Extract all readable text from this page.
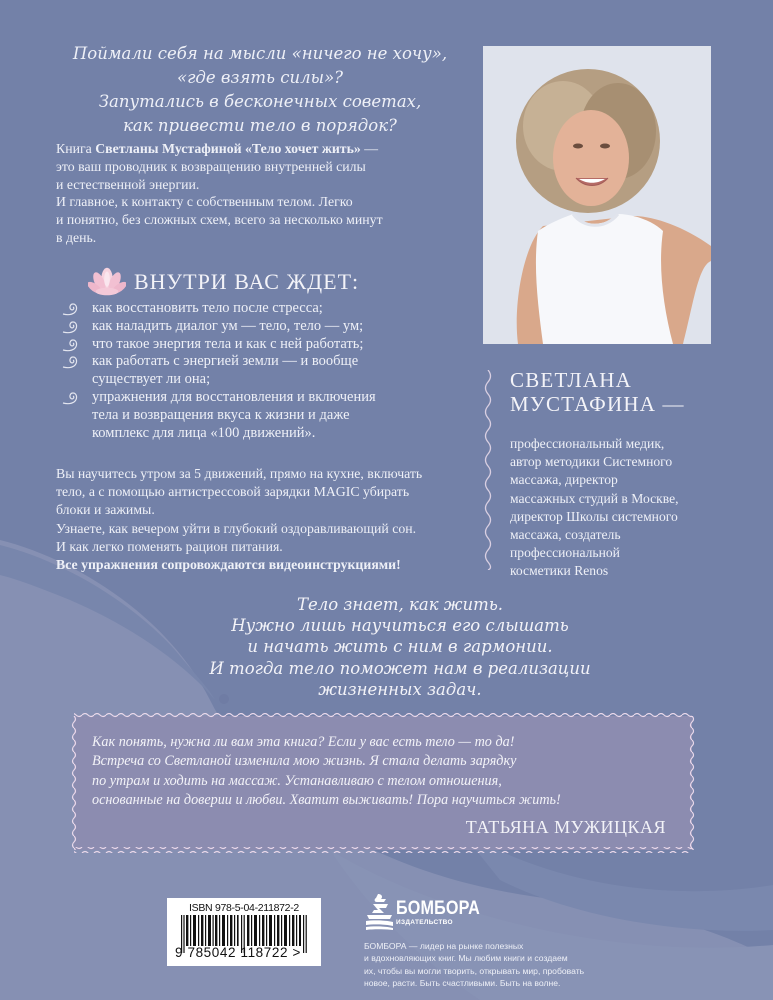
Поймали себя на мысли «ничего не хочу»,
«где взять силы»?
Запутались в бесконечных советах,
как привести тело в порядок?
Книга Светланы Мустафиной «Тело хочет жить» —
это ваш проводник к возвращению внутренней силы
и естественной энергии.
И главное, к контакту с собственным телом. Легко
и понятно, без сложных схем, всего за несколько минут
в день.
ВНУТРИ ВАС ЖДЕТ:
как восстановить тело после стресса;
как наладить диалог ум — тело, тело — ум;
что такое энергия тела и как с ней работать;
как работать с энергией земли — и вообще
существует ли она;
упражнения для восстановления и включения
тела и возвращения вкуса к жизни и даже
комплекс для лица «100 движений».
Вы научитесь утром за 5 движений, прямо на кухне, включать
тело, а с помощью антистрессовой зарядки MAGIC убирать
блоки и зажимы.
Узнаете, как вечером уйти в глубокий оздоравливающий сон.
И как легко поменять рацион питания.
Все упражнения сопровождаются видеоинструкциями!
СВЕТЛАНА
МУСТАФИНА —
профессиональный медик,
автор методики Системного
массажа, директор
массажных студий в Москве,
директор Школы системного
массажа, создатель
профессиональной
косметики Renos
Тело знает, как жить.
Нужно лишь научиться его слышать
и начать жить с ним в гармонии.
И тогда тело поможет нам в реализации
жизненных задач.
Как понять, нужна ли вам эта книга? Если у вас есть тело — то да!
Встреча со Светланой изменила мою жизнь. Я стала делать зарядку
по утрам и ходить на массаж. Устанавливаю с телом отношения,
основанные на доверии и любви. Хватит выживать! Пора научиться жить!
ТАТЬЯНА МУЖИЦКАЯ
ISBN 978-5-04-211872-2
9 785042 118722 >
БОМБОРА
ИЗДАТЕЛЬСТВО
БОМБОРА — лидер на рынке полезных
и вдохновляющих книг. Мы любим книги и создаем
их, чтобы вы могли творить, открывать мир, пробовать
новое, расти. Быть счастливыми. Быть на волне.
